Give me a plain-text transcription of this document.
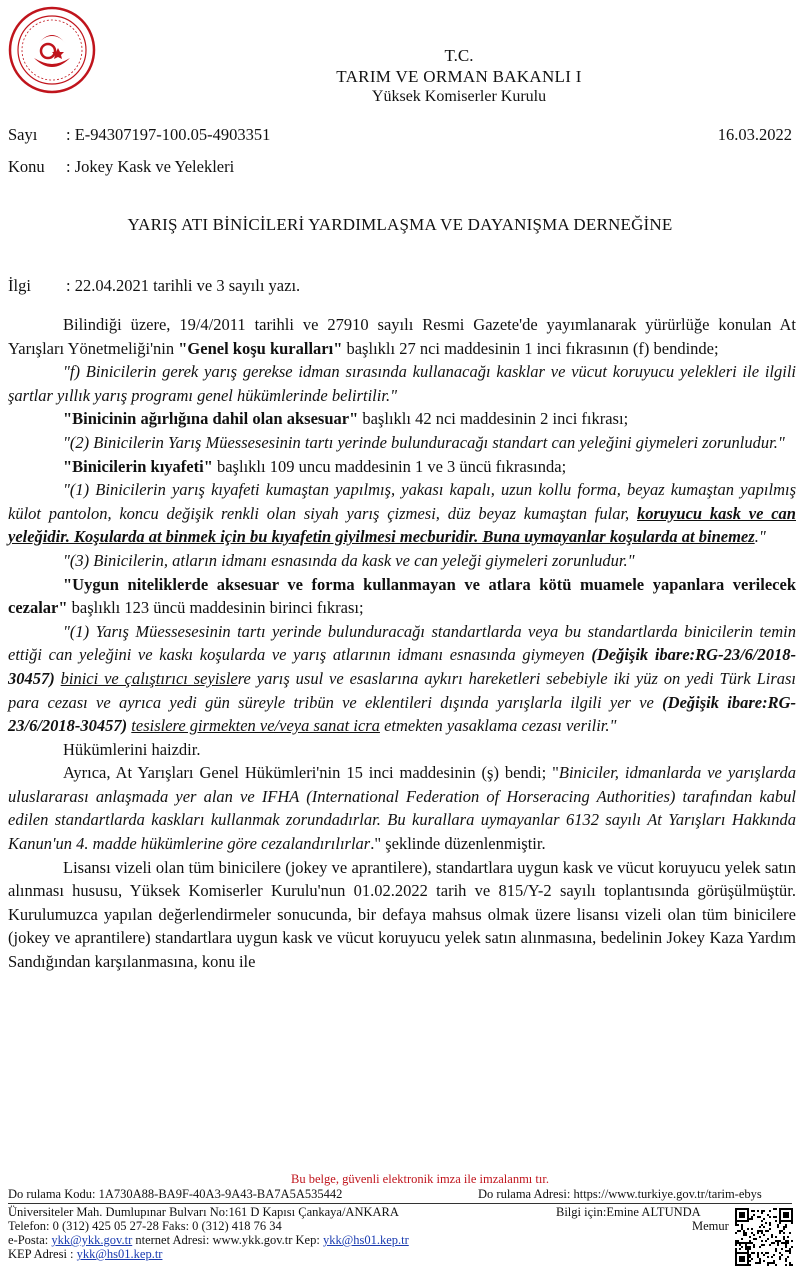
T.C.
TARIM VE ORMAN BAKANLI I
Yüksek Komiserler Kurulu
Sayı : E-94307197-100.05-4903351	16.03.2022
Konu : Jokey Kask ve Yelekleri
YARIŞ ATI BİNİCİLERİ YARDIMLAŞMA VE DAYANIŞMA DERNEĞİNE
İlgi : 22.04.2021 tarihli ve 3 sayılı yazı.

Bilindiği üzere, 19/4/2011 tarihli ve 27910 sayılı Resmi Gazete'de yayımlanarak yürürlüğe konulan At Yarışları Yönetmeliği'nin "Genel koşu kuralları" başlıklı 27 nci maddesinin 1 inci fıkrasının (f) bendinde;

"f) Binicilerin gerek yarış gerekse idman sırasında kullanacağı kasklar ve vücut koruyucu yelekleri ile ilgili şartlar yıllık yarış programı genel hükümlerinde belirtilir."

"Binicinin ağırlığına dahil olan aksesuar" başlıklı 42 nci maddesinin 2 inci fıkrası;

"(2) Binicilerin Yarış Müessesesinin tartı yerinde bulunduracağı standart can yeleğini giymeleri zorunludur."

"Binicilerin kıyafeti" başlıklı 109 uncu maddesinin 1 ve 3 üncü fıkrasında;

"(1) Binicilerin yarış kıyafeti kumaştan yapılmış, yakası kapalı, uzun kollu forma, beyaz kumaştan yapılmış külot pantolon, koncu değişik renkli olan siyah yarış çizmesi, düz beyaz kumaştan fular, koruyucu kask ve can yeleğidir. Koşularda at binmek için bu kıyafetin giyilmesi mecburidir. Buna uymayanlar koşularda at binemez."

"(3) Binicilerin, atların idmanı esnasında da kask ve can yeleği giymeleri zorunludur."

"Uygun niteliklerde aksesuar ve forma kullanmayan ve atlara kötü muamele yapanlara verilecek cezalar" başlıklı 123 üncü maddesinin birinci fıkrası;

"(1) Yarış Müessesesinin tartı yerinde bulunduracağı standartlarda veya bu standartlarda binicilerin temin ettiği can yeleğini ve kaskı koşularda ve yarış atlarının idmanı esnasında giymeyen (Değişik ibare:RG-23/6/2018-30457) binici ve çalıştırıcı seyislere yarış usul ve esaslarına aykırı hareketleri sebebiyle iki yüz on yedi Türk Lirası para cezası ve ayrıca yedi gün süreyle tribün ve eklentileri dışında yarışlarla ilgili yer ve (Değişik ibare:RG-23/6/2018-30457) tesislere girmekten ve/veya sanat icra etmekten yasaklama cezası verilir."

Hükümlerini haizdir.

Ayrıca, At Yarışları Genel Hükümleri'nin 15 inci maddesinin (ş) bendi; "Biniciler, idmanlarda ve yarışlarda uluslararası anlaşmada yer alan ve IFHA (International Federation of Horseracing Authorities) tarafından kabul edilen standartlarda kaskları kullanmak zorundadırlar. Bu kurallara uymayanlar 6132 sayılı At Yarışları Hakkında Kanun'un 4. madde hükümlerine göre cezalandırılırlar." şeklinde düzenlenmiştir.

Lisansı vizeli olan tüm binicilere (jokey ve aprantilere), standartlara uygun kask ve vücut koruyucu yelek satın alınması hususu, Yüksek Komiserler Kurulu'nun 01.02.2022 tarih ve 815/Y-2 sayılı toplantısında görüşülmüştür. Kurulumuzca yapılan değerlendirmeler sonucunda, bir defaya mahsus olmak üzere lisansı vizeli olan tüm binicilere (jokey ve aprantilere) standartlara uygun kask ve vücut koruyucu yelek satın alınmasına, bedelinin Jokey Kaza Yardım Sandığından karşılanmasına, konu ile

Bu belge, güvenli elektronik imza ile imzalanmı tır.
Do rulama Kodu: 1A730A88-BA9F-40A3-9A43-BA7A5A535442	Do rulama Adresi: https://www.turkiye.gov.tr/tarim-ebys
Üniversiteler Mah. Dumlupınar Bulvarı No:161 D Kapısı Çankaya/ANKARA
Telefon: 0 (312) 425 05 27-28 Faks: 0 (312) 418 76 34
e-Posta: ykk@ykk.gov.tr nternet Adresi: www.ykk.gov.tr Kep: ykk@hs01.kep.tr
KEP Adresi : ykk@hs01.kep.tr
Bilgi için:Emine ALTUNDA
Memur
